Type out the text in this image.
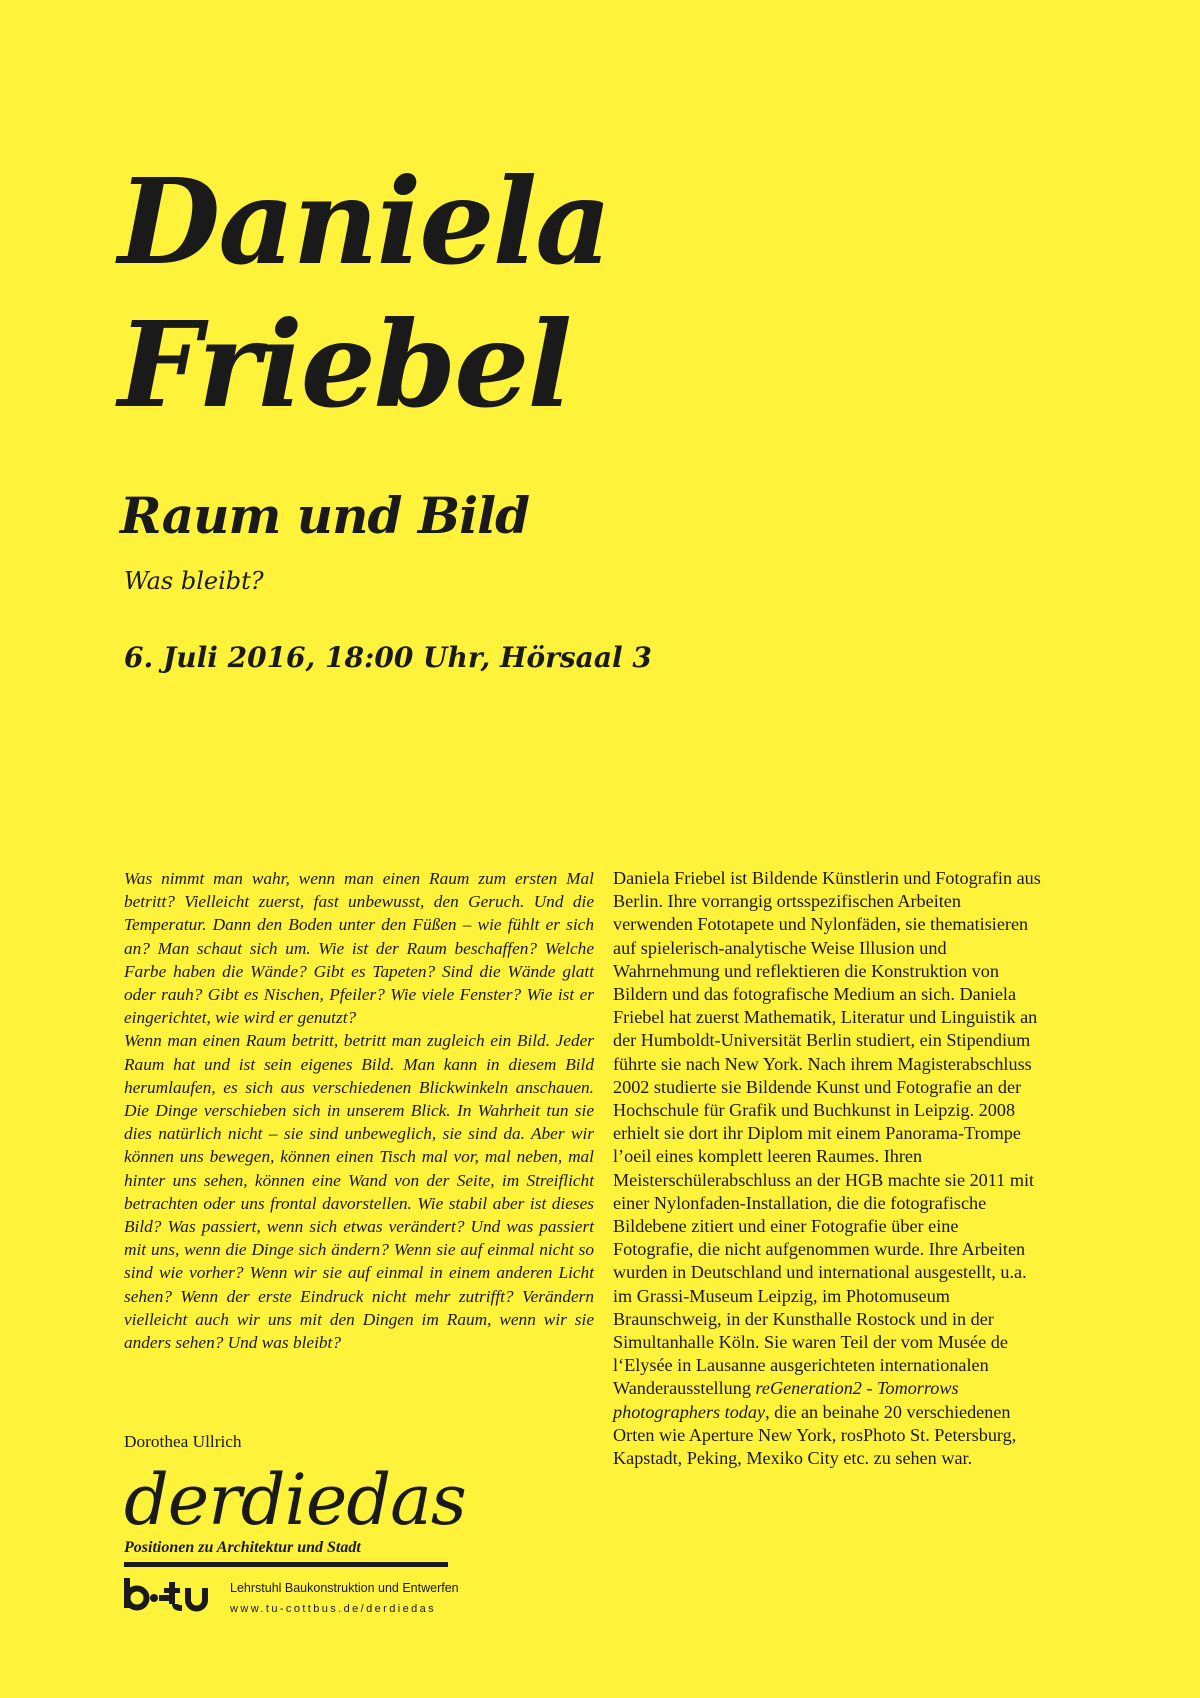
Daniela
Friebel
Raum und Bild

Was bleibt?

6. Juli 2016, 18:00 Uhr, Hörsaal 3

Was nimmt man wahr, wenn man einen Raum zum ersten Mal betritt? Vielleicht zuerst, fast unbewusst, den Geruch. Und die Temperatur. Dann den Boden unter den Füßen – wie fühlt er sich an? Man schaut sich um. Wie ist der Raum beschaffen? Welche Farbe haben die Wände? Gibt es Tapeten? Sind die Wände glatt oder rauh? Gibt es Nischen, Pfeiler? Wie viele Fenster? Wie ist er eingerichtet, wie wird er genutzt?

Wenn man einen Raum betritt, betritt man zugleich ein Bild. Jeder Raum hat und ist sein eigenes Bild. Man kann in diesem Bild herumlaufen, es sich aus verschiedenen Blickwinkeln anschauen. Die Dinge verschieben sich in unserem Blick. In Wahrheit tun sie dies natürlich nicht – sie sind unbeweglich, sie sind da. Aber wir können uns bewegen, können einen Tisch mal vor, mal neben, mal hinter uns sehen, können eine Wand von der Seite, im Streiflicht betrachten oder uns frontal davorstellen. Wie stabil aber ist dieses Bild? Was passiert, wenn sich etwas verändert? Und was passiert mit uns, wenn die Dinge sich ändern? Wenn sie auf einmal nicht so sind wie vorher? Wenn wir sie auf einmal in einem anderen Licht sehen? Wenn der erste Eindruck nicht mehr zutrifft? Verändern vielleicht auch wir uns mit den Dingen im Raum, wenn wir sie anders sehen? Und was bleibt?

Dorothea Ullrich

Daniela Friebel ist Bildende Künstlerin und Fotografin aus Berlin. Ihre vorrangig ortsspezifischen Arbeiten verwenden Fototapete und Nylonfäden, sie thematisieren auf spielerisch-analytische Weise Illusion und Wahrnehmung und reflektieren die Konstruktion von Bildern und das fotografische Medium an sich. Daniela Friebel hat zuerst Mathematik, Literatur und Linguistik an der Humboldt-Universität Berlin studiert, ein Stipendium führte sie nach New York. Nach ihrem Magisterabschluss 2002 studierte sie Bildende Kunst und Fotografie an der Hochschule für Grafik und Buchkunst in Leipzig. 2008 erhielt sie dort ihr Diplom mit einem Panorama-Trompe l’oeil eines komplett leeren Raumes. Ihren Meisterschülerabschluss an der HGB machte sie 2011 mit einer Nylonfaden-Installation, die die fotografische Bildebene zitiert und einer Fotografie über eine Fotografie, die nicht aufgenommen wurde. Ihre Arbeiten wurden in Deutschland und international ausgestellt, u.a. im Grassi-Museum Leipzig, im Photomuseum Braunschweig, in der Kunsthalle Rostock und in der Simultanhalle Köln. Sie waren Teil der vom Musée de l‘Elysée in Lausanne ausgerichteten internationalen Wanderausstellung reGeneration2 - Tomorrows photographers today, die an beinahe 20 verschiedenen Orten wie Aperture New York, rosPhoto St. Petersburg, Kapstadt, Peking, Mexiko City etc. zu sehen war.

derdiedas
Positionen zu Architektur und Stadt
Lehrstuhl Baukonstruktion und Entwerfen
www.tu-cottbus.de/derdiedas
